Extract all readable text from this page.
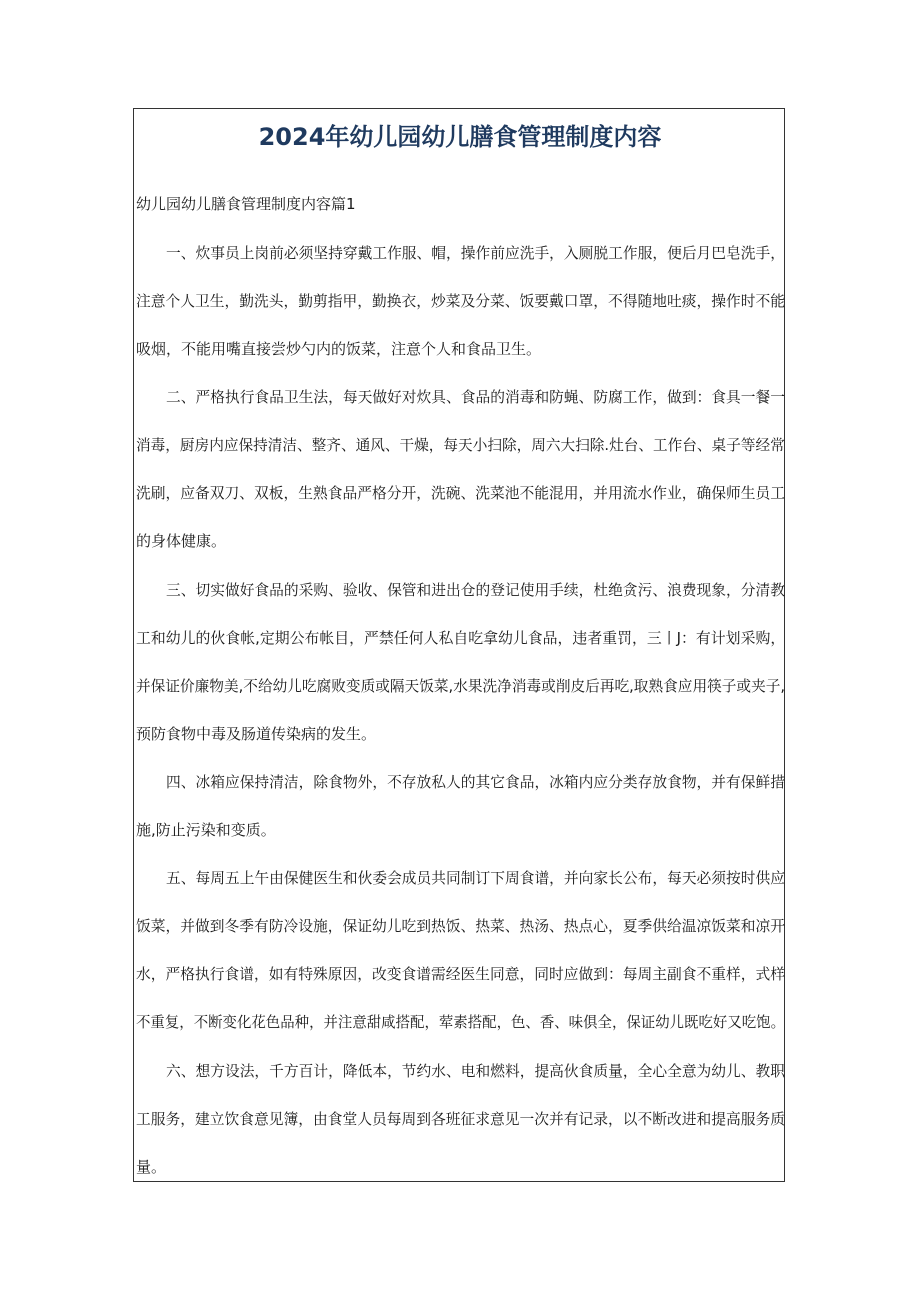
2024年幼儿园幼儿膳食管理制度内容

幼儿园幼儿膳食管理制度内容篇1

一、炊事员上岗前必须坚持穿戴工作服、帽，操作前应洗手，入厕脱工作服，便后月巴皂洗手，

注意个人卫生，勤洗头，勤剪指甲，勤换衣，炒菜及分菜、饭要戴口罩，不得随地吐痰，操作时不能

吸烟，不能用嘴直接尝炒勺内的饭菜，注意个人和食品卫生。

二、严格执行食品卫生法，每天做好对炊具、食品的消毒和防蝇、防腐工作，做到：食具一餐一

消毒，厨房内应保持清洁、整齐、通风、干燥，每天小扫除，周六大扫除.灶台、工作台、桌子等经常

洗刷，应备双刀、双板，生熟食品严格分开，洗碗、洗菜池不能混用，并用流水作业，确保师生员工

的身体健康。

三、切实做好食品的采购、验收、保管和进出仓的登记使用手续，杜绝贪污、浪费现象，分清教

工和幼儿的伙食帐,定期公布帐目，严禁任何人私自吃拿幼儿食品，违者重罚，三丨J：有计划采购，

并保证价廉物美,不给幼儿吃腐败变质或隔天饭菜,水果洗净消毒或削皮后再吃,取熟食应用筷子或夹子,

预防食物中毒及肠道传染病的发生。

四、冰箱应保持清洁，除食物外，不存放私人的其它食品，冰箱内应分类存放食物，并有保鲜措

施,防止污染和变质。

五、每周五上午由保健医生和伙委会成员共同制订下周食谱，并向家长公布，每天必须按时供应

饭菜，并做到冬季有防冷设施，保证幼儿吃到热饭、热菜、热汤、热点心，夏季供给温凉饭菜和凉开

水，严格执行食谱，如有特殊原因，改变食谱需经医生同意，同时应做到：每周主副食不重样，式样

不重复，不断变化花色品种，并注意甜咸搭配，荤素搭配，色、香、味俱全，保证幼儿既吃好又吃饱。

六、想方设法，千方百计，降低本，节约水、电和燃料，提高伙食质量，全心全意为幼儿、教职

工服务，建立饮食意见簿，由食堂人员每周到各班征求意见一次并有记录，以不断改进和提高服务质

量。
